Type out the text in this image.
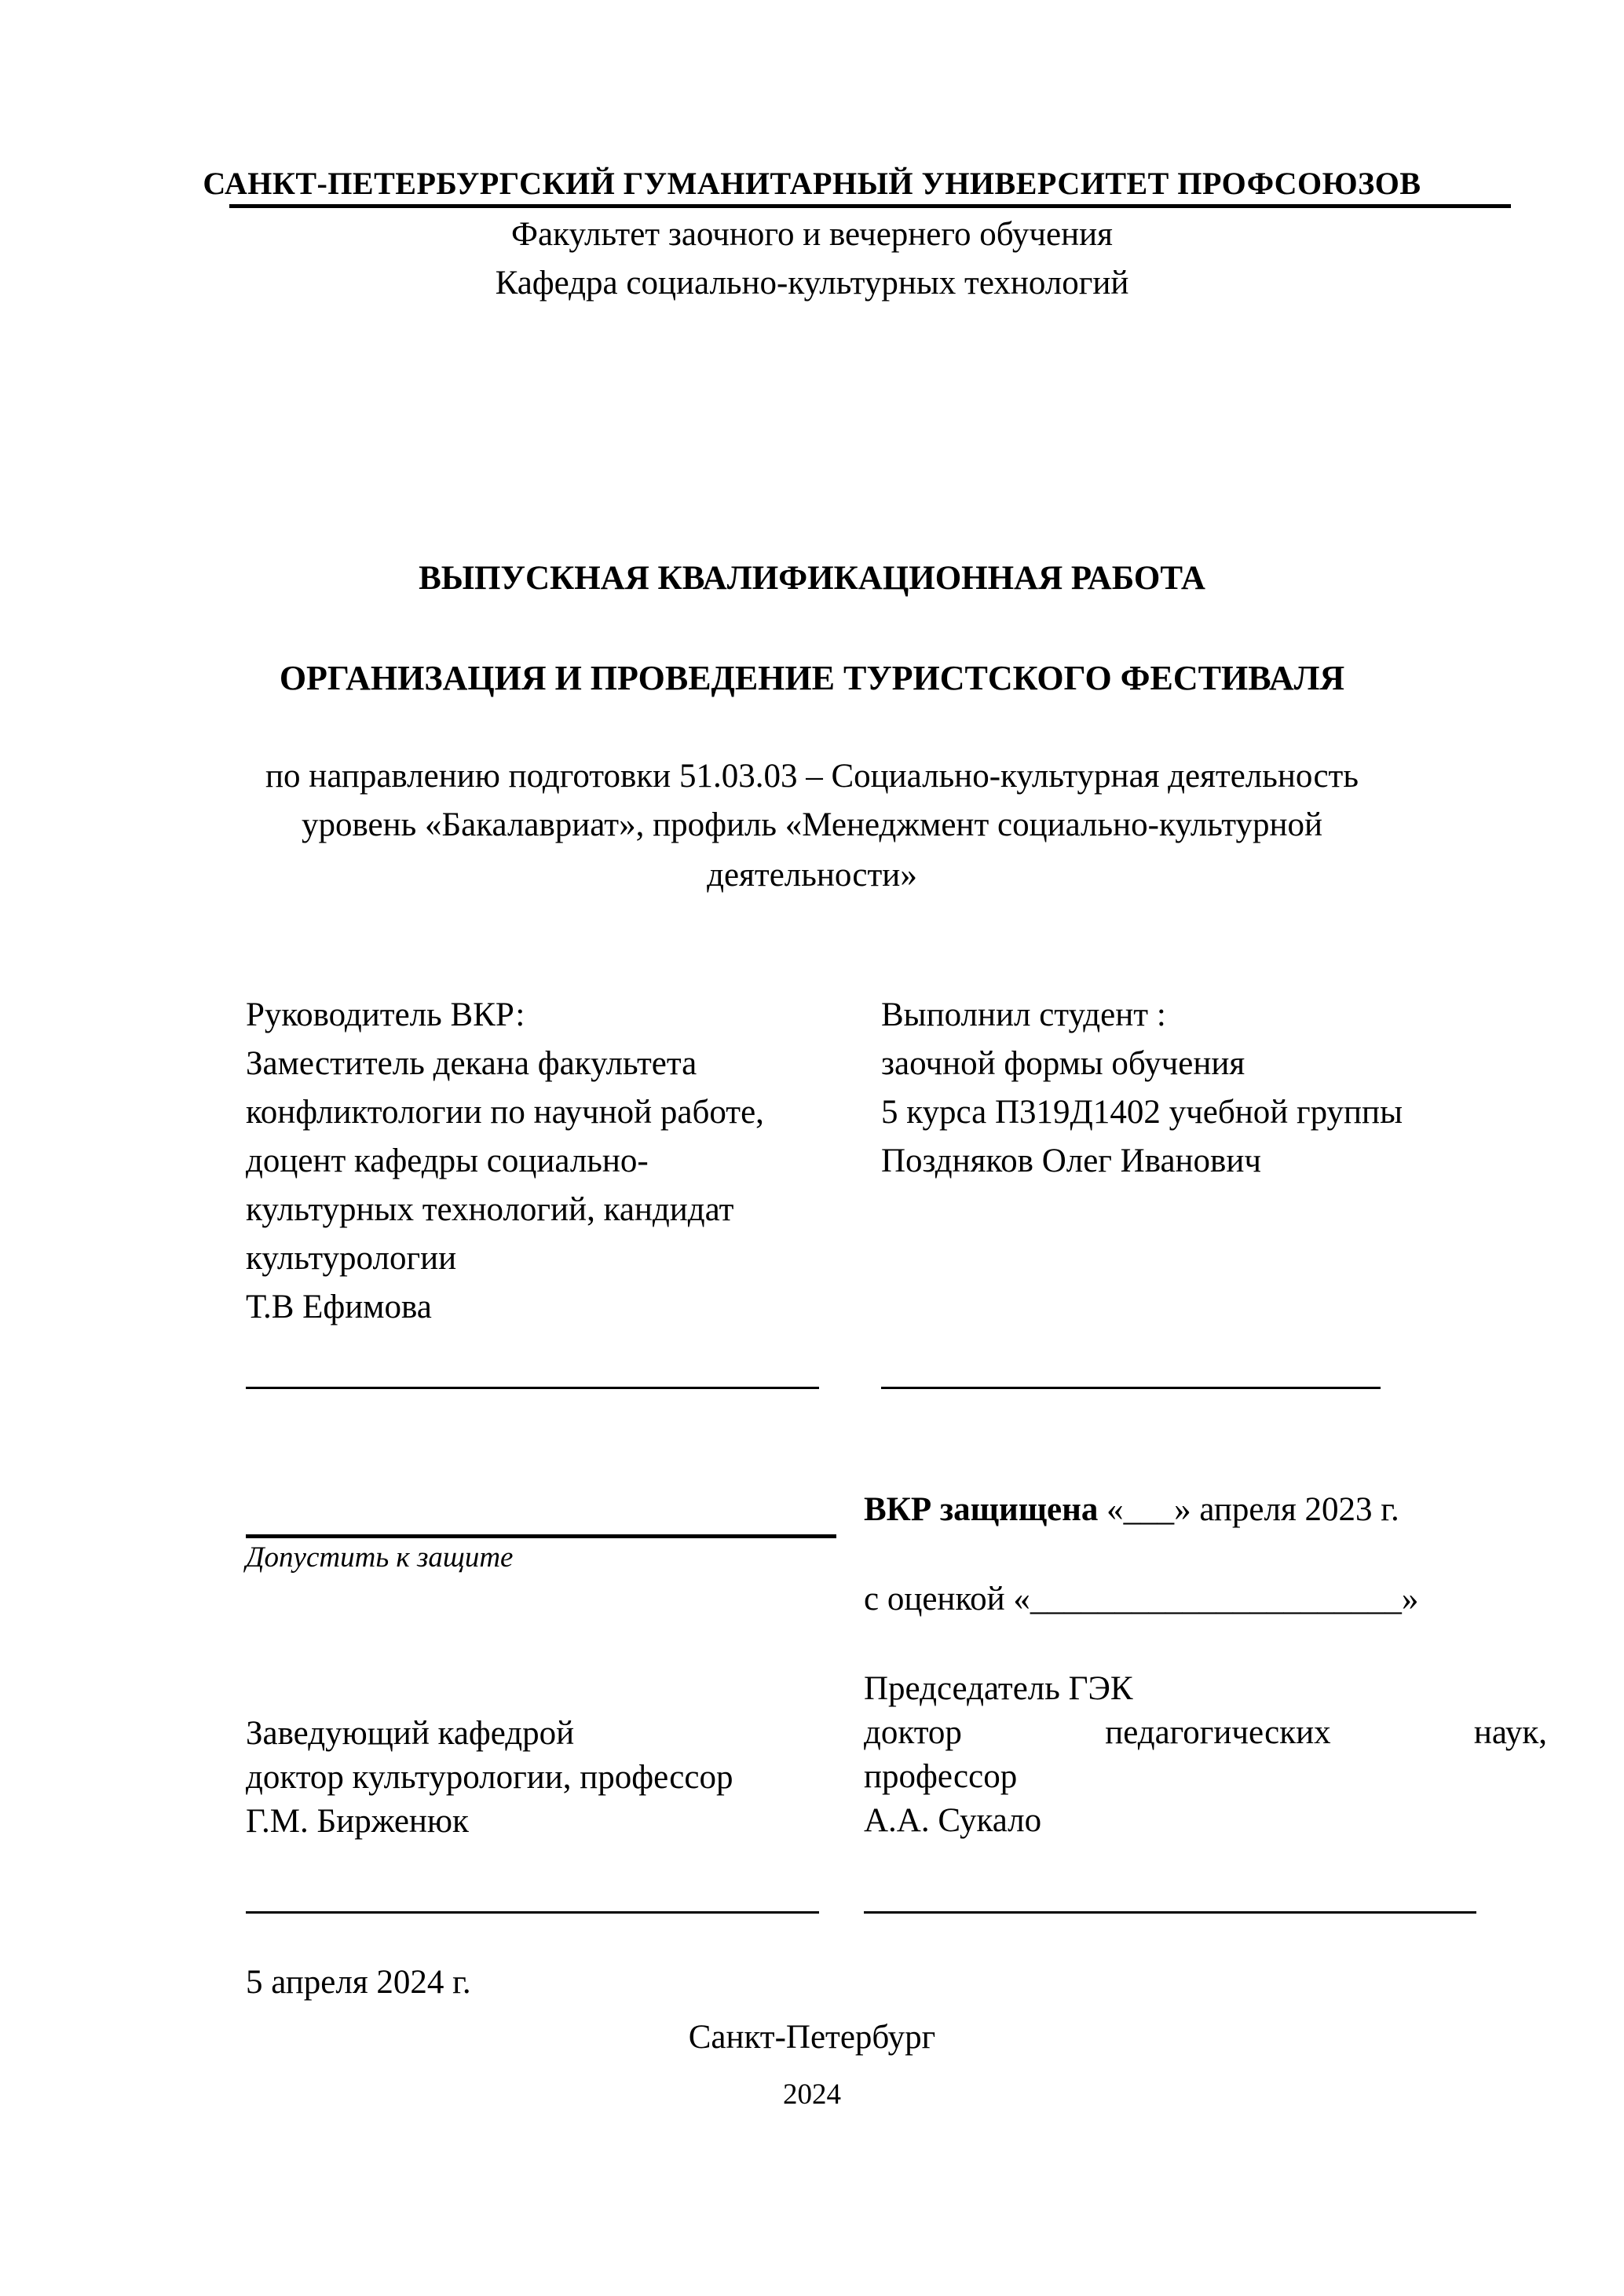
САНКТ-ПЕТЕРБУРГСКИЙ ГУМАНИТАРНЫЙ УНИВЕРСИТЕТ ПРОФСОЮЗОВ
Факультет заочного и вечернего обучения
Кафедра социально-культурных технологий
ВЫПУСКНАЯ КВАЛИФИКАЦИОННАЯ РАБОТА
ОРГАНИЗАЦИЯ И ПРОВЕДЕНИЕ ТУРИСТСКОГО ФЕСТИВАЛЯ
по направлению подготовки 51.03.03 – Социально-культурная деятельность
уровень «Бакалавриат», профиль «Менеджмент социально-культурной
деятельности»
Руководитель ВКР:
Заместитель декана факультета
конфликтологии по научной работе,
доцент кафедры социально-
культурных технологий, кандидат
культурологии
Т.В Ефимова
Выполнил студент :
заочной формы обучения
5 курса П319Д1402 учебной группы
Поздняков Олег Иванович
Допустить к защите
ВКР защищена «___» апреля 2023 г.
с оценкой «______________________»
Заведующий кафедрой
доктор культурологии, профессор
Г.М. Бирженюк
Председатель ГЭК
доктор	педагогических	наук,
профессор
А.А. Сукало
5 апреля 2024 г.
Санкт-Петербург
2024
